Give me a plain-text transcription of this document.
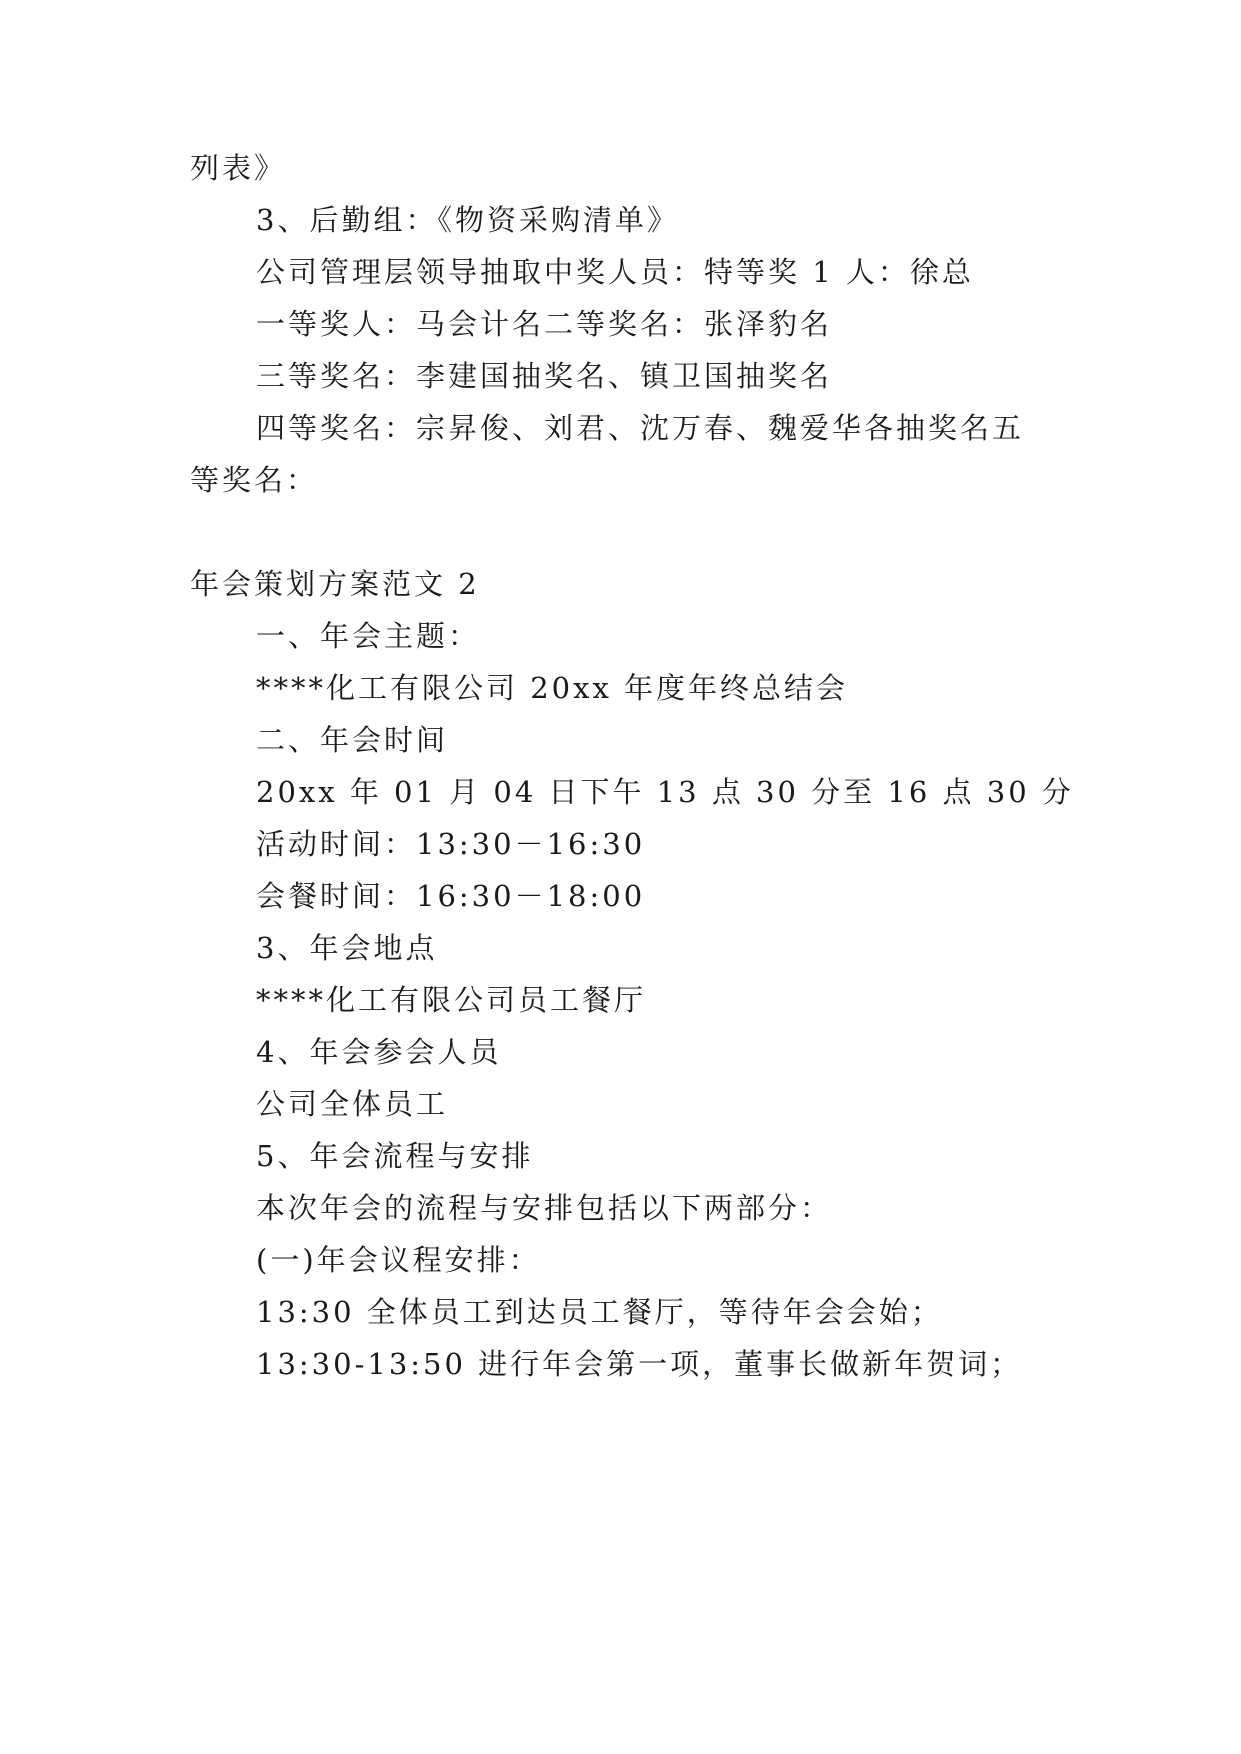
列表》

3、后勤组：《物资采购清单》

公司管理层领导抽取中奖人员：特等奖 1 人：徐总

一等奖人：马会计名二等奖名：张泽豹名

三等奖名：李建国抽奖名、镇卫国抽奖名

四等奖名：宗昇俊、刘君、沈万春、魏爱华各抽奖名五

等奖名：

年会策划方案范文 2

一、年会主题：

****化工有限公司 20xx 年度年终总结会

二、年会时间

20xx 年 01 月 04 日下午 13 点 30 分至 16 点 30 分

活动时间：13:30－16:30

会餐时间：16:30－18:00

3、年会地点

****化工有限公司员工餐厅

4、年会参会人员

公司全体员工

5、年会流程与安排

本次年会的流程与安排包括以下两部分：

(一)年会议程安排：

13:30 全体员工到达员工餐厅，等待年会会始；

13:30-13:50 进行年会第一项，董事长做新年贺词；
